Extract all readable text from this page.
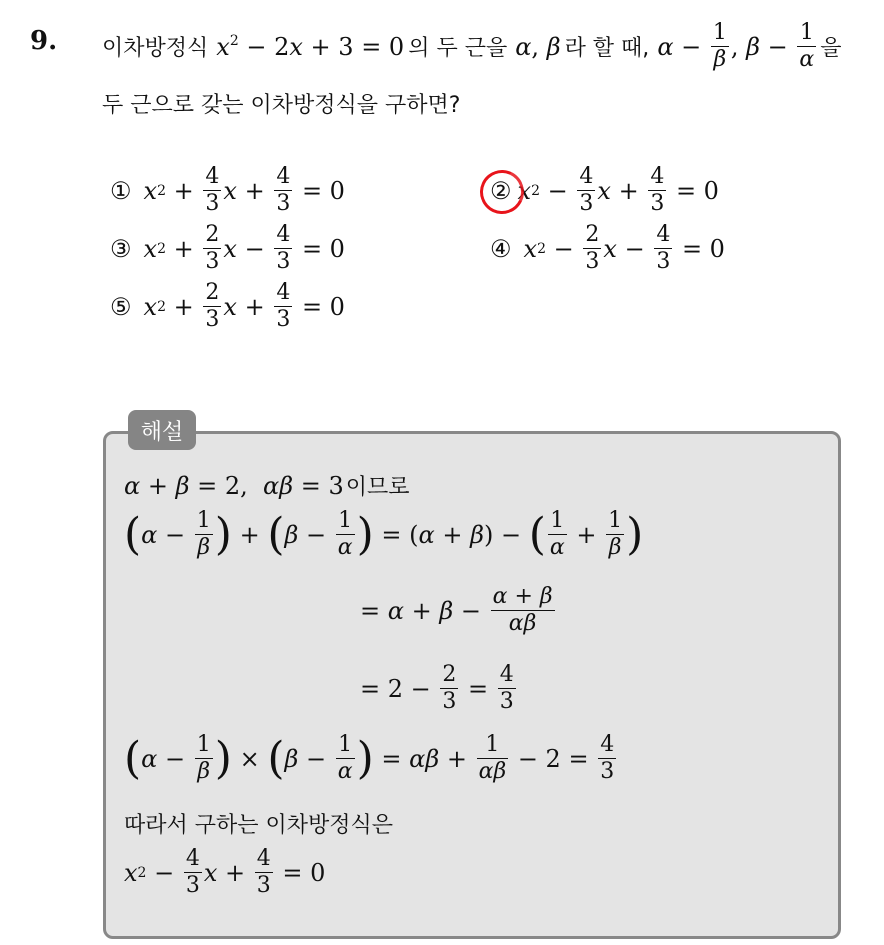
9. 이차방정식 $x^2 - 2x + 3 = 0$ 의 두 근을 α, β 라 할 때, $\alpha - \frac{1}{\beta}$ , $\beta - \frac{1}{\alpha}$ 을
두 근으로 갖는 이차방정식을 구하면?
① x 2
+
$\frac{4}{3}$ x
+
$\frac{4}{3} = 0$	② x 2
−
$\frac{4}{3}$ x
+
$\frac{4}{3} = 0$
③ x 2
+
$\frac{2}{3}$ x
−
$\frac{4}{3} = 0$	④ x 2
−
$\frac{2}{3}$ x
−
$\frac{4}{3} = 0$
⑤ x 2
+
$\frac{2}{3}$ x
+
$\frac{4}{3} = 0$
해설
α + β = 2, αβ = 3 이므로
( $\alpha - \frac{1}{\beta}$ ) + ( $\beta - \frac{1}{\alpha}$ ) = ( α + β ) − ( $\frac{1}{\alpha} + \frac{1}{\beta}$ )
= $\alpha + \beta - \frac{\alpha + \beta}{\alpha\beta}$
= $2 - \frac{2}{3} = \frac{4}{3}$
( $\alpha - \frac{1}{\beta}$ ) × ( $\beta - \frac{1}{\alpha}$ ) = $\alpha\beta + \frac{1}{\alpha\beta} - 2 = \frac{4}{3}$
따라서 구하는 이차방정식은
x $2 - \frac{4}{3}$ $x + \frac{4}{3} = 0$
